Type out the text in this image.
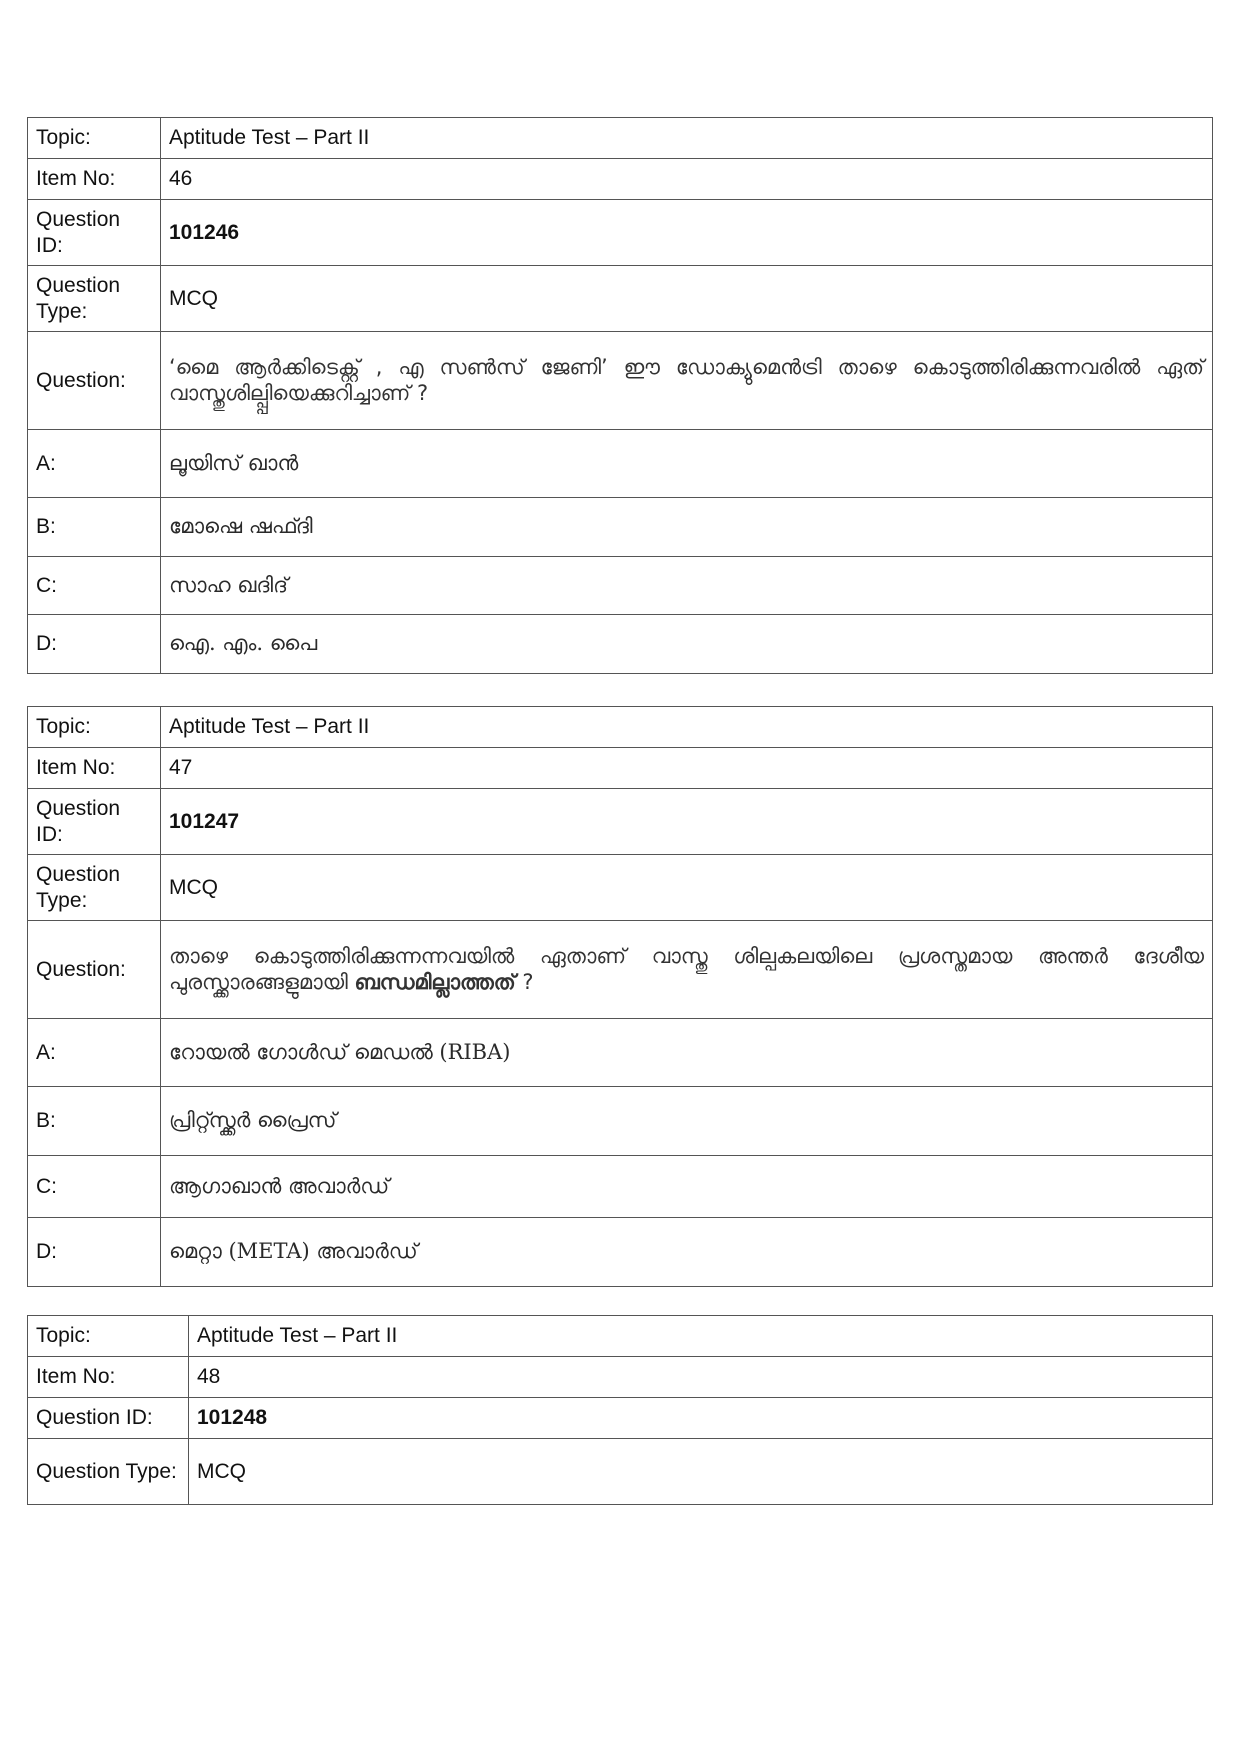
Topic:	Aptitude Test – Part II
Item No:	46
Question ID:	101246
Question Type:	MCQ
Question:	‘മൈ ആർക്കിടെക്റ്റ് , എ സൺസ് ജേണി’ ഈ ഡോക്യുമെൻട്രി താഴെ കൊടുത്തിരിക്കുന്നവരിൽ ഏത് വാസ്തുശില്പ്പിയെക്കുറിച്ചാണ് ?
A:	ലൂയിസ് ഖാൻ
B:	മോഷെ ഷഫ്ദി
C:	സാഹ ഖദിദ്
D:	ഐ. എം. പൈ
Topic:	Aptitude Test – Part II
Item No:	47
Question ID:	101247
Question Type:	MCQ
Question:	താഴെ കൊടുത്തിരിക്കുന്നന്നവയിൽ ഏതാണ് വാസ്തു ശില്പകലയിലെ പ്രശസ്തമായ അന്തർ ദേശീയ പുരസ്ക്കാരങ്ങളുമായി ബന്ധമില്ലാത്തത് ?
A:	റോയൽ ഗോൾഡ് മെഡൽ (RIBA)
B:	പ്രിറ്റ്സ്ക്കർ പ്രൈസ്
C:	ആഗാഖാൻ അവാർഡ്
D:	മെറ്റാ (META) അവാർഡ്
Topic:	Aptitude Test – Part II
Item No:	48
Question ID:	101248
Question Type:	MCQ
